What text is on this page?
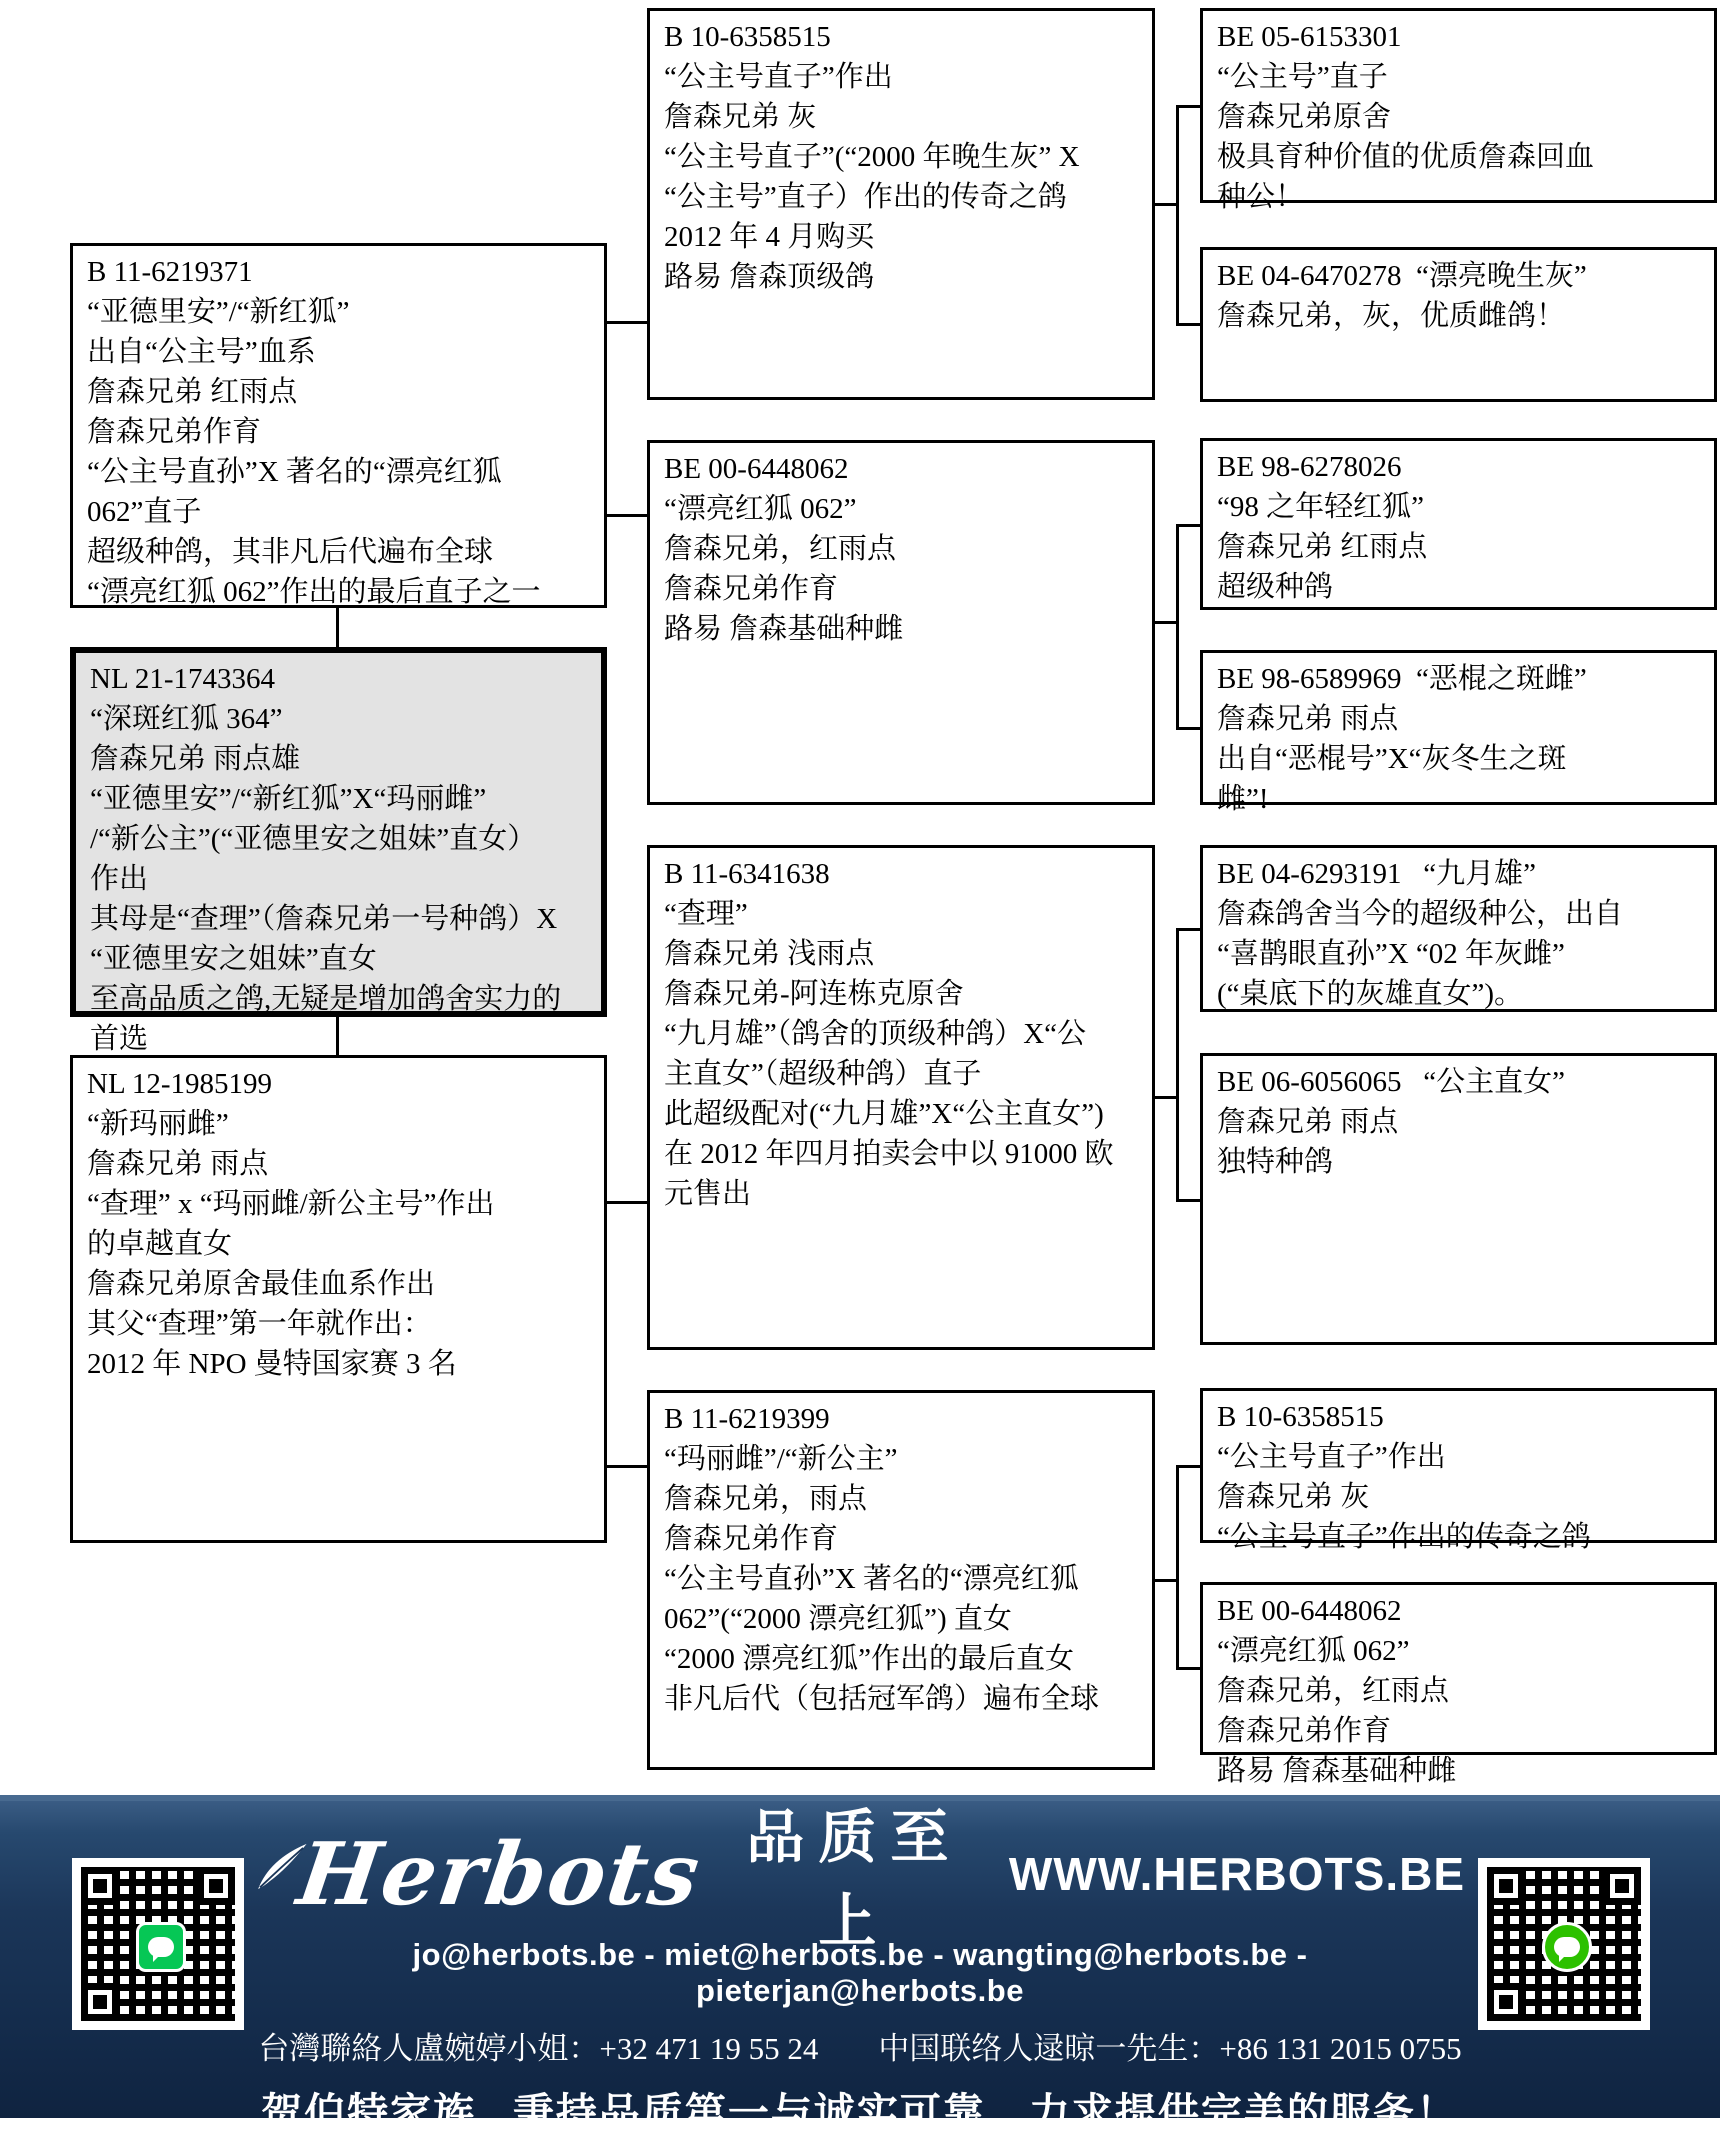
B 11-6219371
“亚德里安”/“新红狐”
出自“公主号”血系
詹森兄弟 红雨点
詹森兄弟作育
“公主号直孙”X 著名的“漂亮红狐
062”直子
超级种鸽，其非凡后代遍布全球
“漂亮红狐 062”作出的最后直子之一
NL 21-1743364
“深斑红狐 364”
詹森兄弟 雨点雄
“亚德里安”/“新红狐”X“玛丽雌”
/“新公主”(“亚德里安之姐妹”直女）
作出
其母是“查理”（詹森兄弟一号种鸽）X
“亚德里安之姐妹”直女
至高品质之鸽,无疑是增加鸽舍实力的
首选
NL 12-1985199
“新玛丽雌”
詹森兄弟 雨点
“查理” x “玛丽雌/新公主号”作出
的卓越直女
詹森兄弟原舍最佳血系作出
其父“查理”第一年就作出：
2012 年 NPO 曼特国家赛 3 名
B 10-6358515
“公主号直子”作出
詹森兄弟 灰
“公主号直子”(“2000 年晚生灰” X
“公主号”直子）作出的传奇之鸽
2012 年 4 月购买
路易 詹森顶级鸽
BE 00-6448062
“漂亮红狐 062”
詹森兄弟，红雨点
詹森兄弟作育
路易 詹森基础种雌
B 11-6341638
“查理”
詹森兄弟 浅雨点
詹森兄弟-阿连栋克原舍
“九月雄”（鸽舍的顶级种鸽）X“公
主直女”（超级种鸽）直子
此超级配对(“九月雄”X“公主直女”)
在 2012 年四月拍卖会中以 91000 欧
元售出
B 11-6219399
“玛丽雌”/“新公主”
詹森兄弟，雨点
詹森兄弟作育
“公主号直孙”X 著名的“漂亮红狐
062”(“2000 漂亮红狐”) 直女
“2000 漂亮红狐”作出的最后直女
非凡后代（包括冠军鸽）遍布全球
BE 05-6153301
“公主号”直子
詹森兄弟原舍
极具育种价值的优质詹森回血
种公！
BE 04-6470278  “漂亮晚生灰”
詹森兄弟，灰，优质雌鸽！
BE 98-6278026
“98 之年轻红狐”
詹森兄弟 红雨点
超级种鸽
BE 98-6589969  “恶棍之斑雌”
詹森兄弟 雨点
出自“恶棍号”X“灰冬生之斑
雌”!
BE 04-6293191   “九月雄”
詹森鸽舍当今的超级种公，出自
“喜鹊眼直孙”X “02 年灰雌”
(“桌底下的灰雄直女”)。
BE 06-6056065   “公主直女”
詹森兄弟 雨点
独特种鸽
B 10-6358515
“公主号直子”作出
詹森兄弟 灰
“公主号直子”作出的传奇之鸽
BE 00-6448062
“漂亮红狐 062”
詹森兄弟，红雨点
詹森兄弟作育
路易 詹森基础种雌
Herbots 品质至上
WWW.HERBOTS.BE
jo@herbots.be - miet@herbots.be - wangting@herbots.be - pieterjan@herbots.be
台灣聯絡人盧婉婷小姐：+32 471 19 55 24 中国联络人逯晾一先生：+86 131 2015 0755
贺伯特家族...秉持品质第一与诚实可靠，力求提供完美的服务！
